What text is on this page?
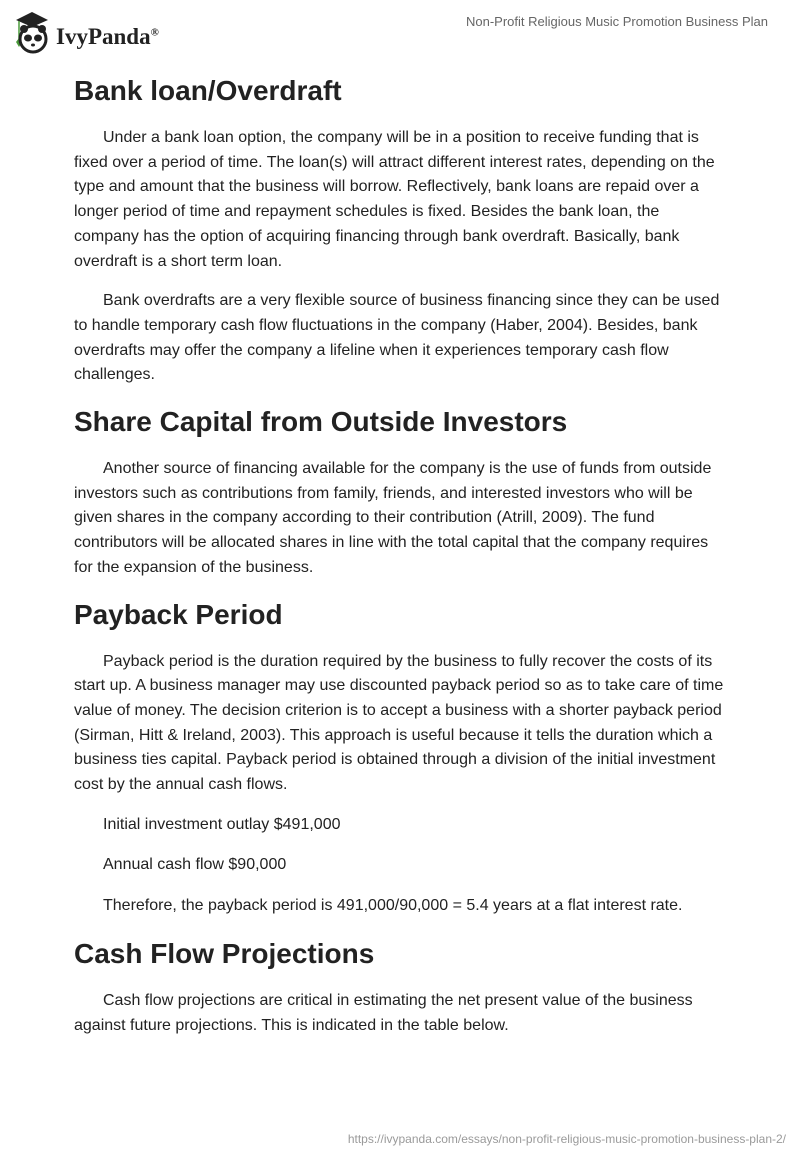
IvyPanda®
Non-Profit Religious Music Promotion Business Plan
Bank loan/Overdraft

Under a bank loan option, the company will be in a position to receive funding that is fixed over a period of time. The loan(s) will attract different interest rates, depending on the type and amount that the business will borrow. Reflectively, bank loans are repaid over a longer period of time and repayment schedules is fixed. Besides the bank loan, the company has the option of acquiring financing through bank overdraft. Basically, bank overdraft is a short term loan.

Bank overdrafts are a very flexible source of business financing since they can be used to handle temporary cash flow fluctuations in the company (Haber, 2004). Besides, bank overdrafts may offer the company a lifeline when it experiences temporary cash flow challenges.

Share Capital from Outside Investors

Another source of financing available for the company is the use of funds from outside investors such as contributions from family, friends, and interested investors who will be given shares in the company according to their contribution (Atrill, 2009). The fund contributors will be allocated shares in line with the total capital that the company requires for the expansion of the business.

Payback Period

Payback period is the duration required by the business to fully recover the costs of its start up. A business manager may use discounted payback period so as to take care of time value of money. The decision criterion is to accept a business with a shorter payback period (Sirman, Hitt & Ireland, 2003). This approach is useful because it tells the duration which a business ties capital. Payback period is obtained through a division of the initial investment cost by the annual cash flows.

Initial investment outlay $491,000

Annual cash flow $90,000

Therefore, the payback period is 491,000/90,000 = 5.4 years at a flat interest rate.

Cash Flow Projections

Cash flow projections are critical in estimating the net present value of the business against future projections. This is indicated in the table below.

https://ivypanda.com/essays/non-profit-religious-music-promotion-business-plan-2/
